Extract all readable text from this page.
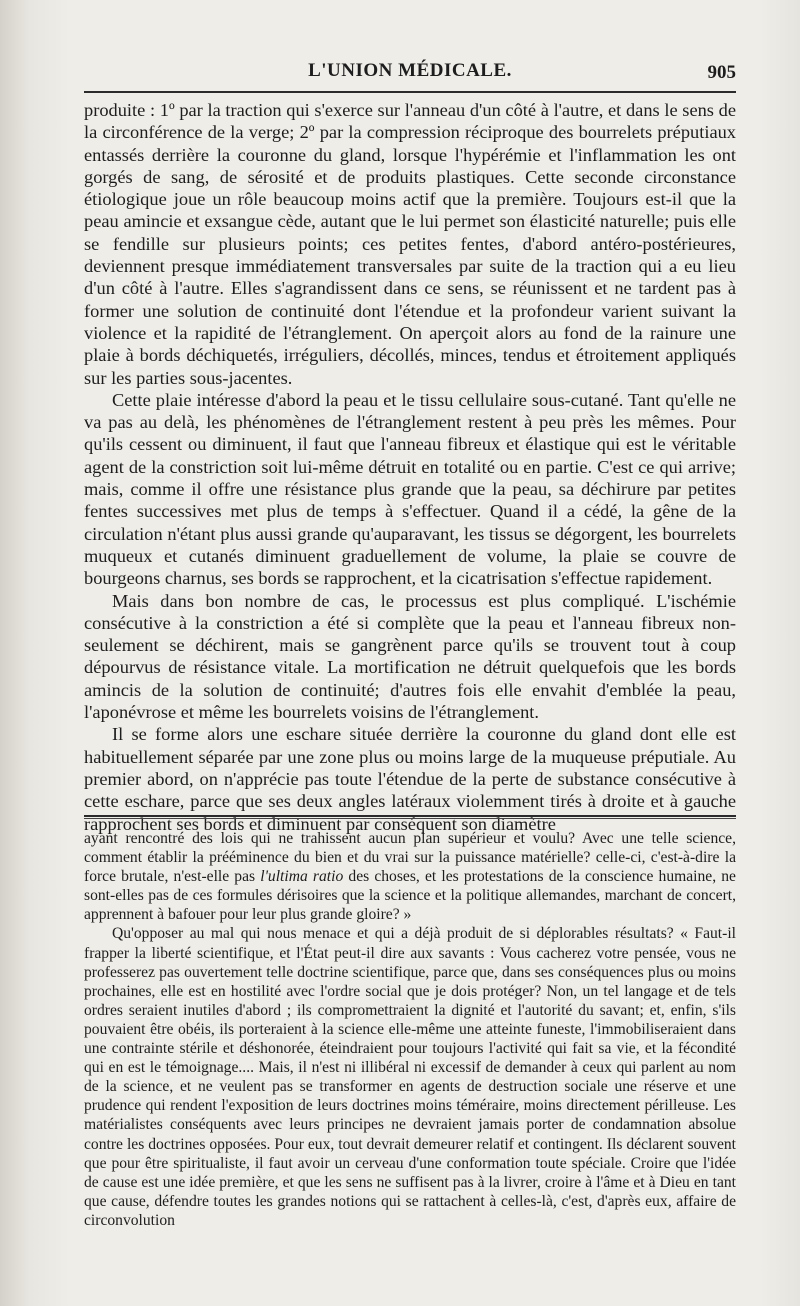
L'UNION MÉDICALE.	905

produite : 1º par la traction qui s'exerce sur l'anneau d'un côté à l'autre, et dans le sens de la circonférence de la verge; 2º par la compression réciproque des bourrelets préputiaux entassés derrière la couronne du gland, lorsque l'hypérémie et l'inflammation les ont gorgés de sang, de sérosité et de produits plastiques. Cette seconde circonstance étiologique joue un rôle beaucoup moins actif que la première. Toujours est-il que la peau amincie et exsangue cède, autant que le lui permet son élasticité naturelle; puis elle se fendille sur plusieurs points; ces petites fentes, d'abord antéro-postérieures, deviennent presque immédiatement transversales par suite de la traction qui a eu lieu d'un côté à l'autre. Elles s'agrandissent dans ce sens, se réunissent et ne tardent pas à former une solution de continuité dont l'étendue et la profondeur varient suivant la violence et la rapidité de l'étranglement. On aperçoit alors au fond de la rainure une plaie à bords déchiquetés, irréguliers, décollés, minces, tendus et étroitement appliqués sur les parties sous-jacentes.

Cette plaie intéresse d'abord la peau et le tissu cellulaire sous-cutané. Tant qu'elle ne va pas au delà, les phénomènes de l'étranglement restent à peu près les mêmes. Pour qu'ils cessent ou diminuent, il faut que l'anneau fibreux et élastique qui est le véritable agent de la constriction soit lui-même détruit en totalité ou en partie. C'est ce qui arrive; mais, comme il offre une résistance plus grande que la peau, sa déchirure par petites fentes successives met plus de temps à s'effectuer. Quand il a cédé, la gêne de la circulation n'étant plus aussi grande qu'auparavant, les tissus se dégorgent, les bourrelets muqueux et cutanés diminuent graduellement de volume, la plaie se couvre de bourgeons charnus, ses bords se rapprochent, et la cicatrisation s'effectue rapidement.

Mais dans bon nombre de cas, le processus est plus compliqué. L'ischémie consécutive à la constriction a été si complète que la peau et l'anneau fibreux non-seulement se déchirent, mais se gangrènent parce qu'ils se trouvent tout à coup dépourvus de résistance vitale. La mortification ne détruit quelquefois que les bords amincis de la solution de continuité; d'autres fois elle envahit d'emblée la peau, l'aponévrose et même les bourrelets voisins de l'étranglement.

Il se forme alors une eschare située derrière la couronne du gland dont elle est habituellement séparée par une zone plus ou moins large de la muqueuse préputiale. Au premier abord, on n'apprécie pas toute l'étendue de la perte de substance consécutive à cette eschare, parce que ses deux angles latéraux violemment tirés à droite et à gauche rapprochent ses bords et diminuent par conséquent son diamètre

ayant rencontré des lois qui ne trahissent aucun plan supérieur et voulu? Avec une telle science, comment établir la prééminence du bien et du vrai sur la puissance matérielle? celle-ci, c'est-à-dire la force brutale, n'est-elle pas l'ultima ratio des choses, et les protestations de la conscience humaine, ne sont-elles pas de ces formules dérisoires que la science et la politique allemandes, marchant de concert, apprennent à bafouer pour leur plus grande gloire? »

Qu'opposer au mal qui nous menace et qui a déjà produit de si déplorables résultats? « Faut-il frapper la liberté scientifique, et l'État peut-il dire aux savants : Vous cacherez votre pensée, vous ne professerez pas ouvertement telle doctrine scientifique, parce que, dans ses conséquences plus ou moins prochaines, elle est en hostilité avec l'ordre social que je dois protéger? Non, un tel langage et de tels ordres seraient inutiles d'abord ; ils compromettraient la dignité et l'autorité du savant; et, enfin, s'ils pouvaient être obéis, ils porteraient à la science elle-même une atteinte funeste, l'immobiliseraient dans une contrainte stérile et déshonorée, éteindraient pour toujours l'activité qui fait sa vie, et la fécondité qui en est le témoignage.... Mais, il n'est ni illibéral ni excessif de demander à ceux qui parlent au nom de la science, et ne veulent pas se transformer en agents de destruction sociale une réserve et une prudence qui rendent l'exposition de leurs doctrines moins téméraire, moins directement périlleuse. Les matérialistes conséquents avec leurs principes ne devraient jamais porter de condamnation absolue contre les doctrines opposées. Pour eux, tout devrait demeurer relatif et contingent. Ils déclarent souvent que pour être spiritualiste, il faut avoir un cerveau d'une conformation toute spéciale. Croire que l'idée de cause est une idée première, et que les sens ne suffisent pas à la livrer, croire à l'âme et à Dieu en tant que cause, défendre toutes les grandes notions qui se rattachent à celles-là, c'est, d'après eux, affaire de circonvolution
